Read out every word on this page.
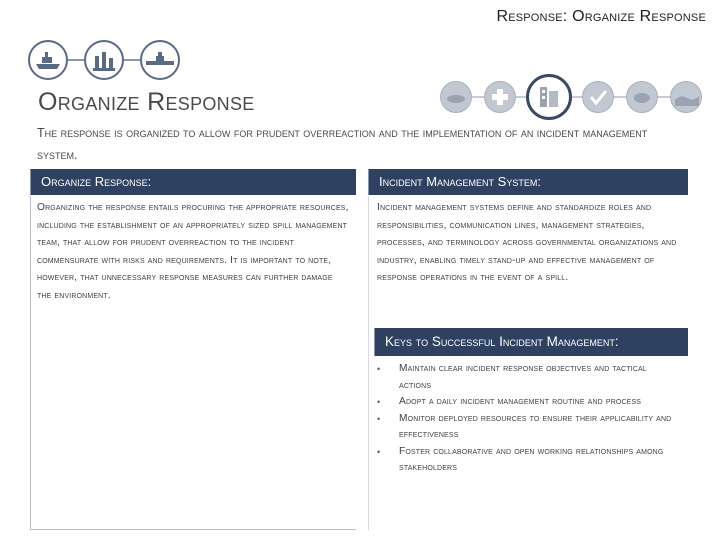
Response: Organize Response
Organize Response
The response is organized to allow for prudent overreaction and the implementation of an incident management system.
Organize Response:
Organizing the response entails procuring the appropriate resources, including the establishment of an appropriately sized spill management team, that allow for prudent overreaction to the incident commensurate with risks and requirements. It is important to note, however, that unnecessary response measures can further damage the environment.
Incident Management System:
Incident management systems define and standardize roles and responsibilities, communication lines, management strategies, processes, and terminology across governmental organizations and industry, enabling timely stand-up and effective management of response operations in the event of a spill.
Keys to Successful Incident Management:
• Maintain clear incident response objectives and tactical actions
• Adopt a daily incident management routine and process
• Monitor deployed resources to ensure their applicability and effectiveness
• Foster collaborative and open working relationships among stakeholders
